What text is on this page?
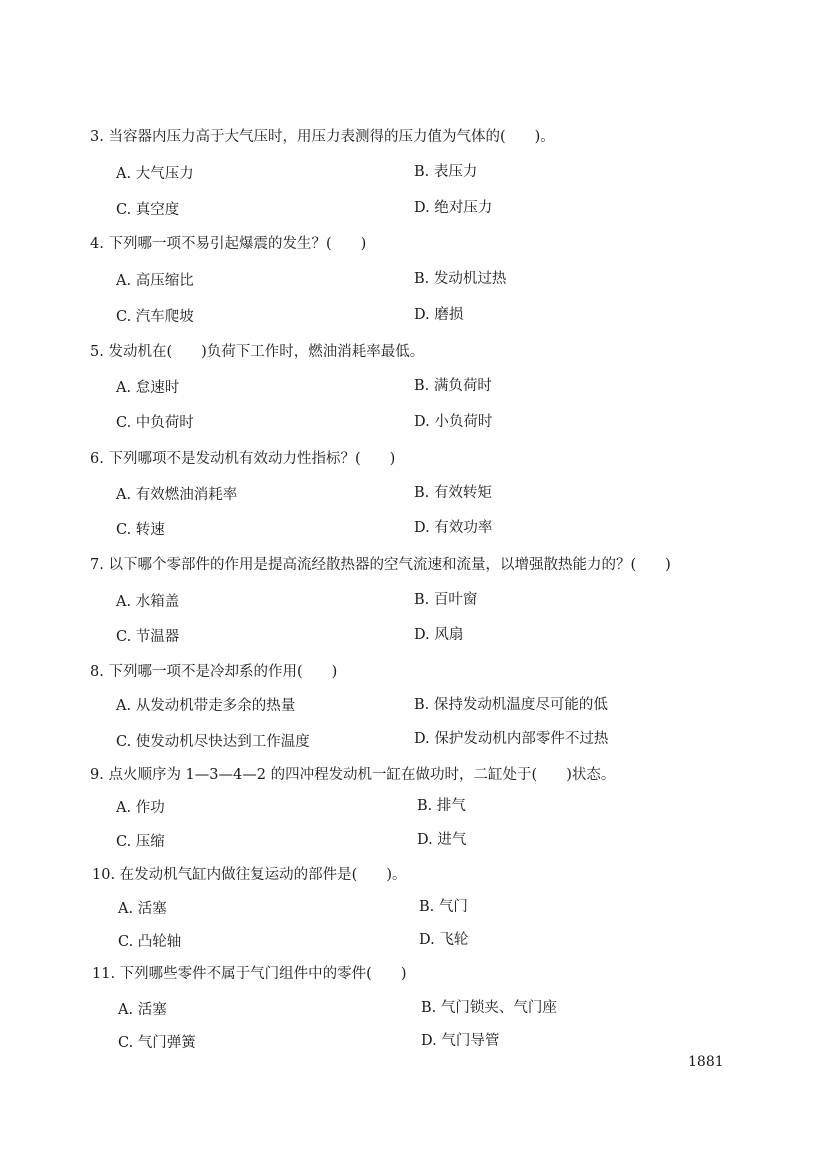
3. 当容器内压力高于大气压时，用压力表测得的压力值为气体的(　　)。
A. 大气压力	B. 表压力
C. 真空度	D. 绝对压力
4. 下列哪一项不易引起爆震的发生？(　　)
A. 高压缩比	B. 发动机过热
C. 汽车爬坡	D. 磨损
5. 发动机在(　　)负荷下工作时，燃油消耗率最低。
A. 怠速时	B. 满负荷时
C. 中负荷时	D. 小负荷时
6. 下列哪项不是发动机有效动力性指标？(　　)
A. 有效燃油消耗率	B. 有效转矩
C. 转速	D. 有效功率
7. 以下哪个零部件的作用是提高流经散热器的空气流速和流量，以增强散热能力的？(　　)
A. 水箱盖	B. 百叶窗
C. 节温器	D. 风扇
8. 下列哪一项不是冷却系的作用(　　)
A. 从发动机带走多余的热量	B. 保持发动机温度尽可能的低
C. 使发动机尽快达到工作温度	D. 保护发动机内部零件不过热
9. 点火顺序为 1—3—4—2 的四冲程发动机一缸在做功时，二缸处于(　　)状态。
A. 作功	B. 排气
C. 压缩	D. 进气
10. 在发动机气缸内做往复运动的部件是(　　)。
A. 活塞	B. 气门
C. 凸轮轴	D. 飞轮
11. 下列哪些零件不属于气门组件中的零件(　　)
A. 活塞	B. 气门锁夹、气门座
C. 气门弹簧	D. 气门导管
1881
